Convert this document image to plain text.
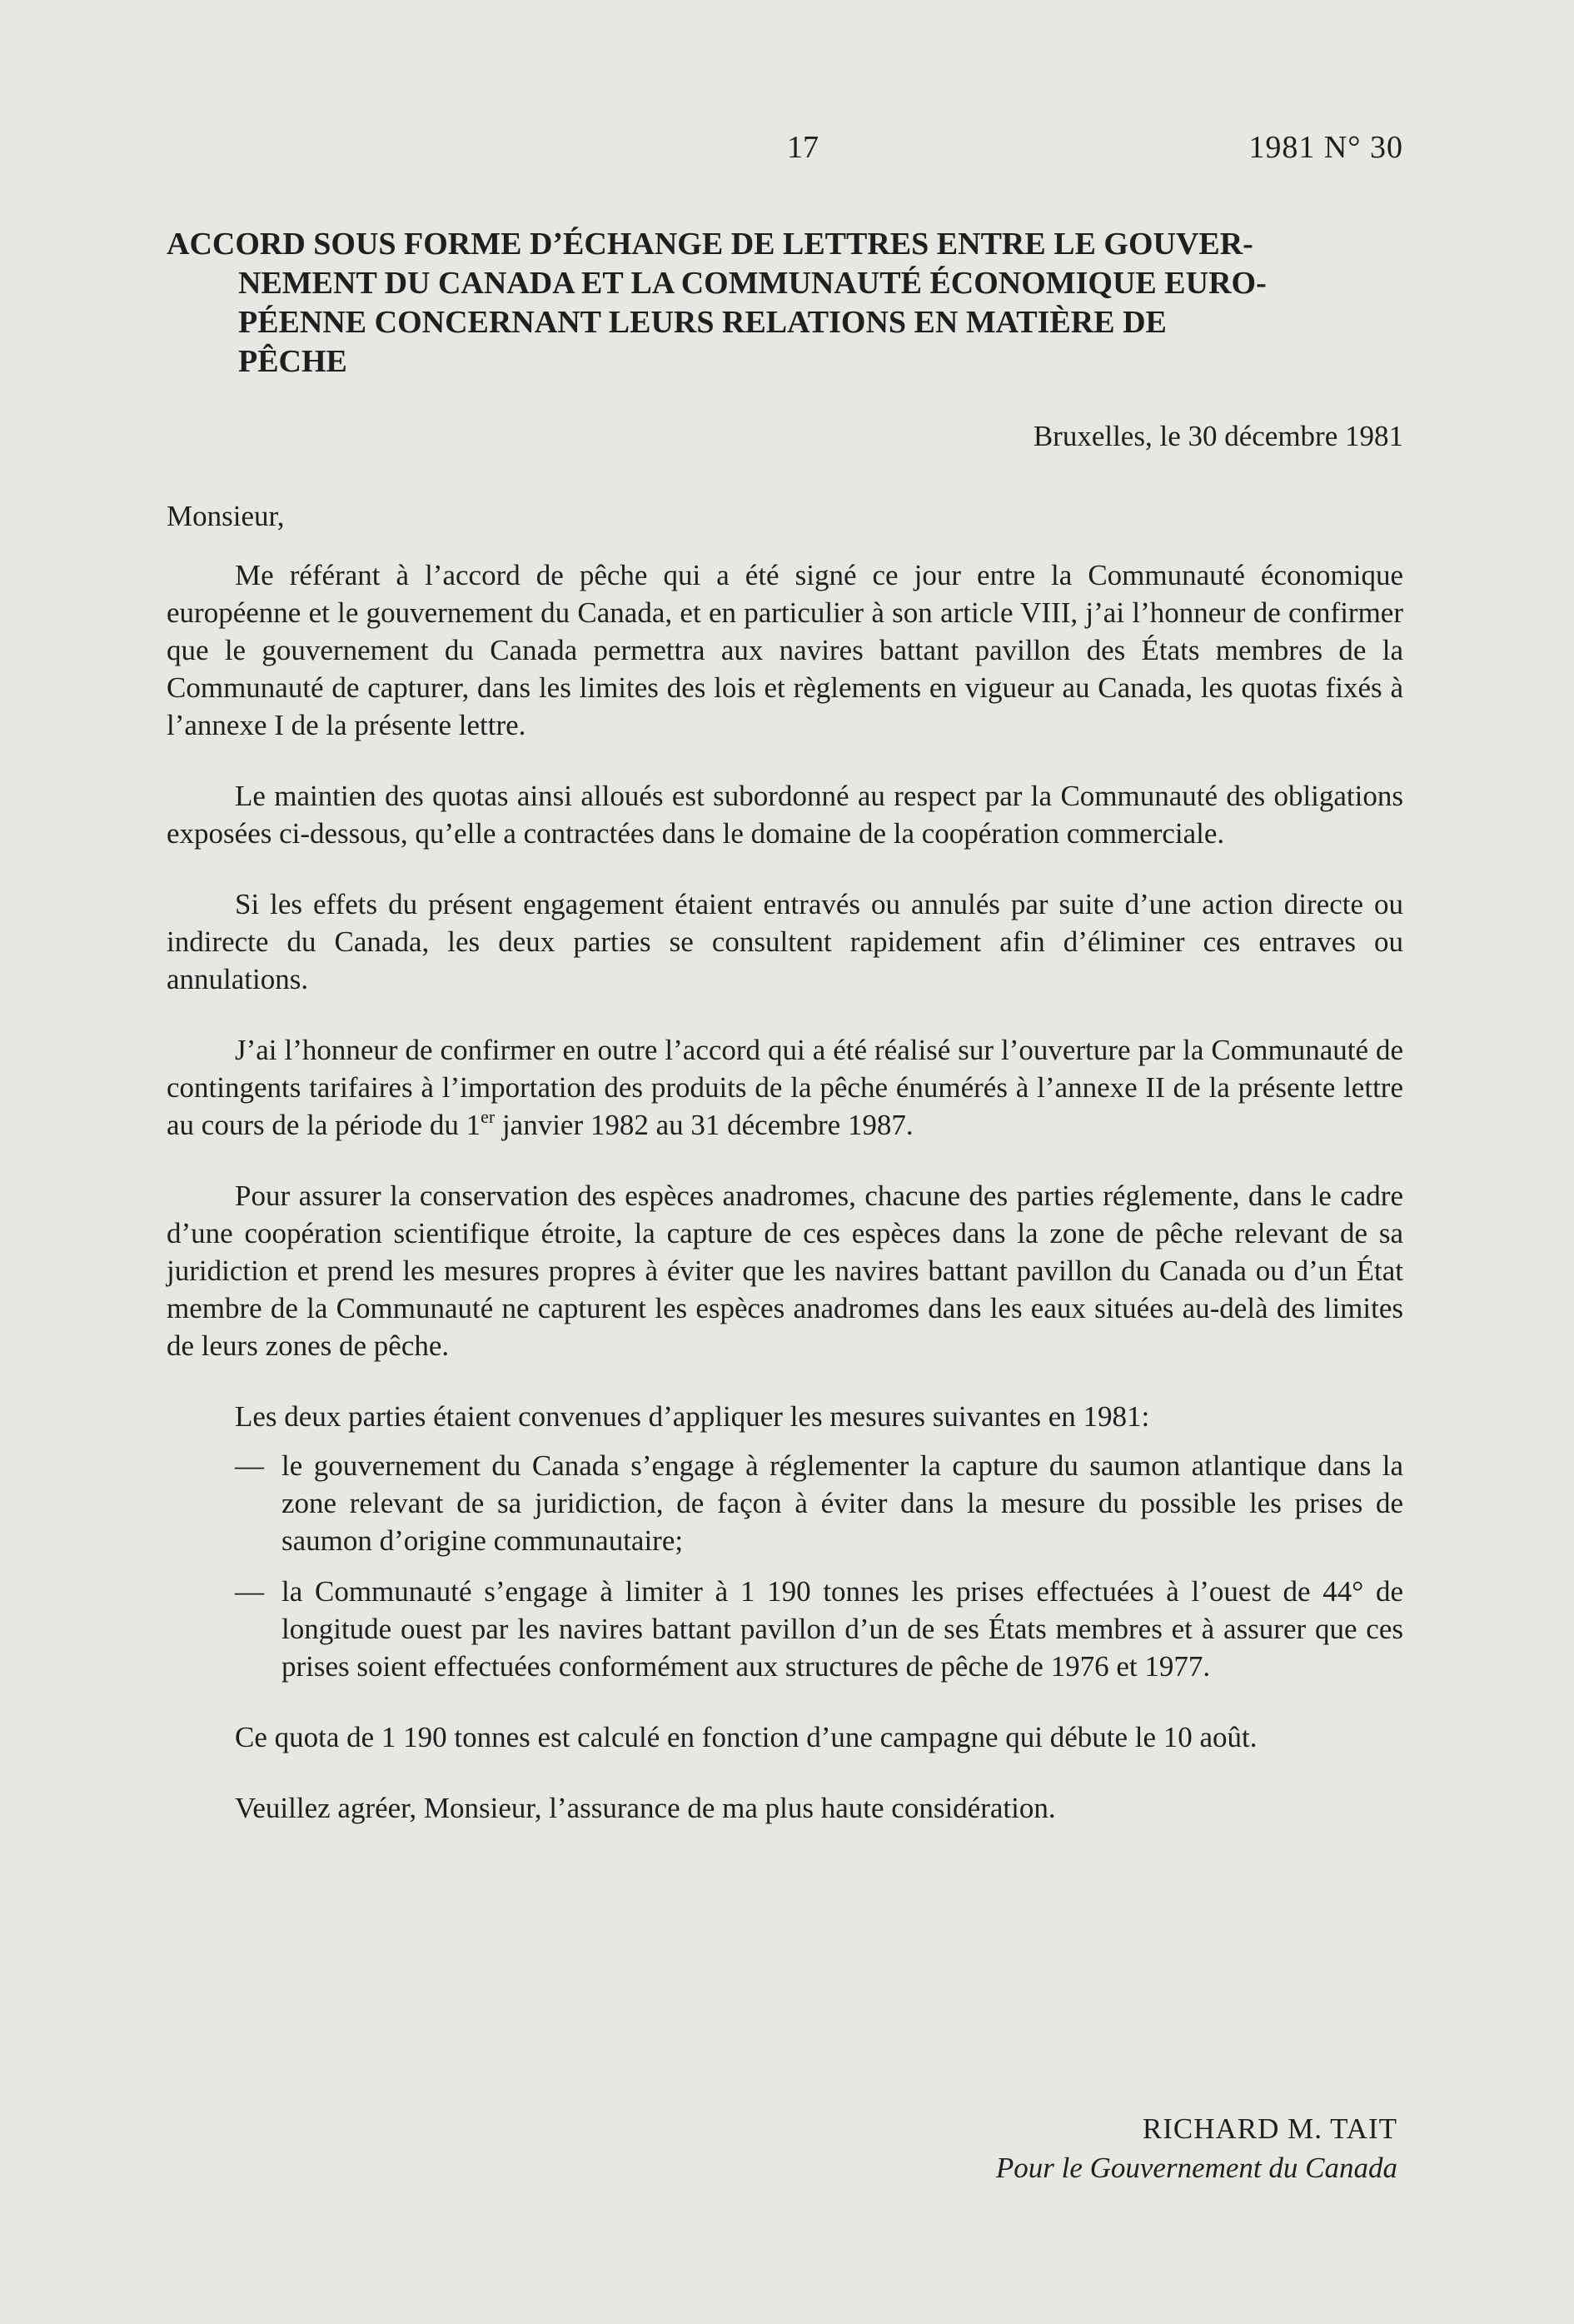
17	1981 N° 30
ACCORD SOUS FORME D’ÉCHANGE DE LETTRES ENTRE LE GOUVER-
NEMENT DU CANADA ET LA COMMUNAUTÉ ÉCONOMIQUE EURO-
PÉENNE CONCERNANT LEURS RELATIONS EN MATIÈRE DE
PÊCHE
Bruxelles, le 30 décembre 1981
Monsieur,

Me référant à l’accord de pêche qui a été signé ce jour entre la Communauté économique européenne et le gouvernement du Canada, et en particulier à son article VIII, j’ai l’honneur de confirmer que le gouvernement du Canada permettra aux navires battant pavillon des États membres de la Communauté de capturer, dans les limites des lois et règlements en vigueur au Canada, les quotas fixés à l’annexe I de la présente lettre.

Le maintien des quotas ainsi alloués est subordonné au respect par la Communauté des obligations exposées ci-dessous, qu’elle a contractées dans le domaine de la coopération commerciale.

Si les effets du présent engagement étaient entravés ou annulés par suite d’une action directe ou indirecte du Canada, les deux parties se consultent rapidement afin d’éliminer ces entraves ou annulations.

J’ai l’honneur de confirmer en outre l’accord qui a été réalisé sur l’ouverture par la Communauté de contingents tarifaires à l’importation des produits de la pêche énumérés à l’annexe II de la présente lettre au cours de la période du 1er janvier 1982 au 31 décembre 1987.

Pour assurer la conservation des espèces anadromes, chacune des parties réglemente, dans le cadre d’une coopération scientifique étroite, la capture de ces espèces dans la zone de pêche relevant de sa juridiction et prend les mesures propres à éviter que les navires battant pavillon du Canada ou d’un État membre de la Communauté ne capturent les espèces anadromes dans les eaux situées au-delà des limites de leurs zones de pêche.

Les deux parties étaient convenues d’appliquer les mesures suivantes en 1981:

— le gouvernement du Canada s’engage à réglementer la capture du saumon atlantique dans la zone relevant de sa juridiction, de façon à éviter dans la mesure du possible les prises de saumon d’origine communautaire;
— la Communauté s’engage à limiter à 1 190 tonnes les prises effectuées à l’ouest de 44° de longitude ouest par les navires battant pavillon d’un de ses États membres et à assurer que ces prises soient effectuées conformément aux structures de pêche de 1976 et 1977.

Ce quota de 1 190 tonnes est calculé en fonction d’une campagne qui débute le 10 août.

Veuillez agréer, Monsieur, l’assurance de ma plus haute considération.

RICHARD M. TAIT
Pour le Gouvernement du Canada
